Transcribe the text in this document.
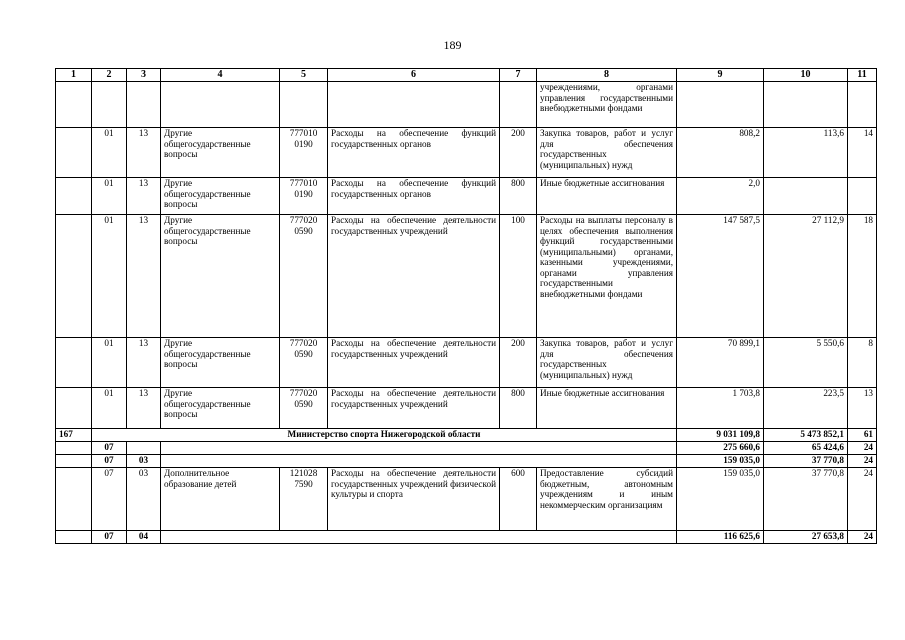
189
1	2	3	4	5	6	7	8	9	10	11
							учреждениями, органами управления государственными внебюджетными фондами			
	01	13	Другие общегосударственные вопросы	777010 0190	Расходы на обеспечение функций государственных органов	200	Закупка товаров, работ и услуг для обеспечения государственных (муниципальных) нужд	808,2	113,6	14
	01	13	Другие общегосударственные вопросы	777010 0190	Расходы на обеспечение функций государственных органов	800	Иные бюджетные ассигнования	2,0		
	01	13	Другие общегосударственные вопросы	777020 0590	Расходы на обеспечение деятельности государственных учреждений	100	Расходы на выплаты персоналу в целях обеспечения выполнения функций государственными (муниципальными) органами, казенными учреждениями, органами управления государственными внебюджетными фондами	147 587,5	27 112,9	18
	01	13	Другие общегосударственные вопросы	777020 0590	Расходы на обеспечение деятельности государственных учреждений	200	Закупка товаров, работ и услуг для обеспечения государственных (муниципальных) нужд	70 899,1	5 550,6	8
	01	13	Другие общегосударственные вопросы	777020 0590	Расходы на обеспечение деятельности государственных учреждений	800	Иные бюджетные ассигнования	1 703,8	223,5	13
167	Министерство спорта Нижегородской области							9 031 109,8	5 473 852,1	61
	07							275 660,6	65 424,6	24
	07	03						159 035,0	37 770,8	24
	07	03	Дополнительное образование детей	121028 7590	Расходы на обеспечение деятельности государственных учреждений физической культуры и спорта	600	Предоставление субсидий бюджетным, автономным учреждениям и иным некоммерческим организациям	159 035,0	37 770,8	24
	07	04						116 625,6	27 653,8	24
